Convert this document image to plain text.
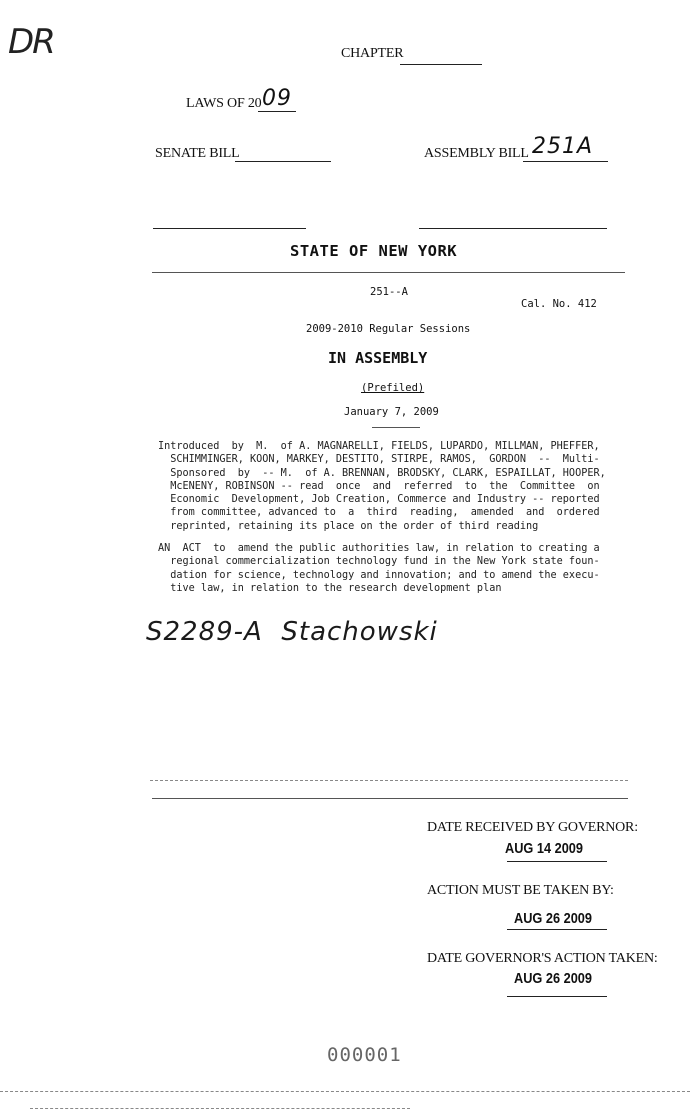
DR	CHAPTER
LAWS OF 20 09
SENATE BILL	ASSEMBLY BILL 251A
STATE OF NEW YORK
251--A
Cal. No. 412
2009-2010 Regular Sessions
IN ASSEMBLY
(Prefiled)
January 7, 2009
Introduced  by  M.  of A. MAGNARELLI, FIELDS, LUPARDO, MILLMAN, PHEFFER,
SCHIMMINGER, KOON, MARKEY, DESTITO, STIRPE, RAMOS,  GORDON  --  Multi-
Sponsored  by  -- M.  of A. BRENNAN, BRODSKY, CLARK, ESPAILLAT, HOOPER,
McENENY, ROBINSON -- read  once  and  referred  to  the  Committee  on
Economic  Development, Job Creation, Commerce and Industry -- reported
from committee, advanced to  a  third  reading,  amended  and  ordered
reprinted, retaining its place on the order of third reading
AN  ACT  to  amend the public authorities law, in relation to creating a
regional commercialization technology fund in the New York state foun-
dation for science, technology and innovation; and to amend the execu-
tive law, in relation to the research development plan
S2289-A  Stachowski
DATE RECEIVED BY GOVERNOR:
AUG 14 2009
ACTION MUST BE TAKEN BY:
AUG 26 2009
DATE GOVERNOR'S ACTION TAKEN:
AUG 26 2009
000001
